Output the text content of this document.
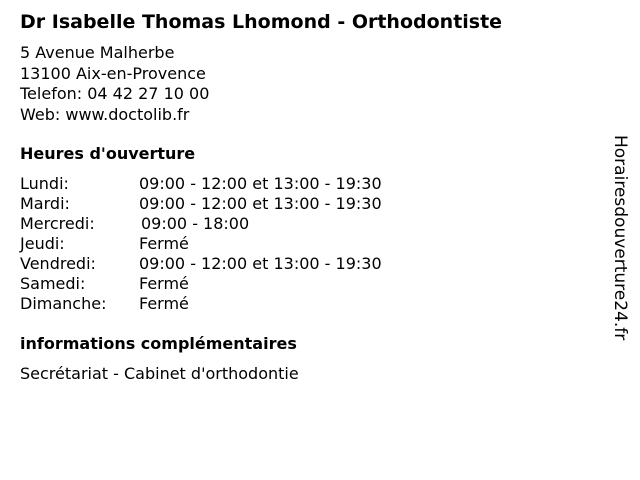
Dr Isabelle Thomas Lhomond - Orthodontiste
5 Avenue Malherbe
13100 Aix-en-Provence
Telefon: 04 42 27 10 00
Web: www.doctolib.fr
Heures d'ouverture
Lundi:	09:00 - 12:00 et 13:00 - 19:30
Mardi:	09:00 - 12:00 et 13:00 - 19:30
Mercredi:	09:00 - 18:00
Jeudi:	Fermé
Vendredi:	09:00 - 12:00 et 13:00 - 19:30
Samedi:	Fermé
Dimanche: Fermé
informations complémentaires
Secrétariat - Cabinet d'orthodontie
Horairesdouverture24.fr
